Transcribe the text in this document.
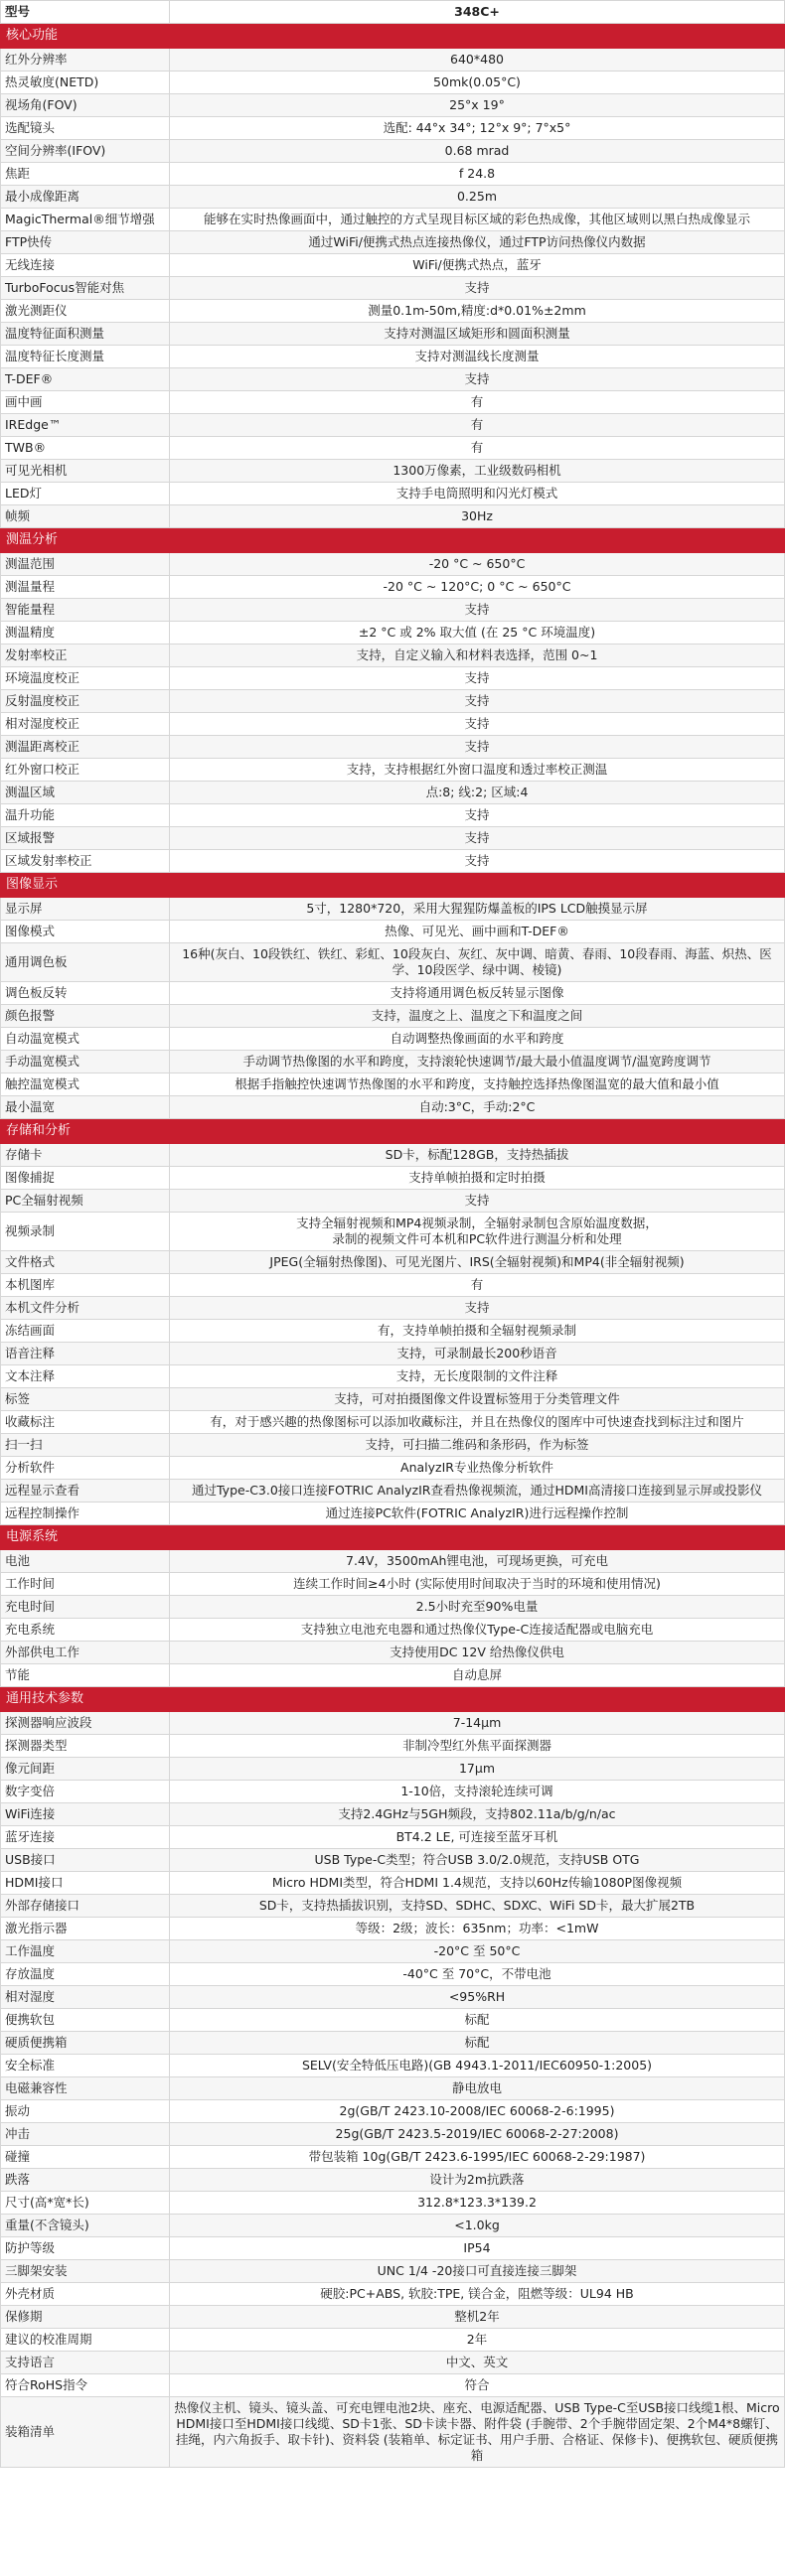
型号	348C+
核心功能	
红外分辨率	640*480
热灵敏度(NETD)	50mk(0.05°C)
视场角(FOV)	25°x 19°
选配镜头	选配: 44°x 34°; 12°x 9°; 7°x5°
空间分辨率(IFOV)	0.68 mrad
焦距	f 24.8
最小成像距离	0.25m
MagicThermal®细节增强	能够在实时热像画面中，通过触控的方式呈现目标区域的彩色热成像，其他区域则以黑白热成像显示
FTP快传	通过WiFi/便携式热点连接热像仪，通过FTP访问热像仪内数据
无线连接	WiFi/便携式热点，蓝牙
TurboFocus智能对焦	支持
激光测距仪	测量0.1m-50m,精度:d*0.01%±2mm
温度特征面积测量	支持对测温区域矩形和圆面积测量
温度特征长度测量	支持对测温线长度测量
T-DEF®	支持
画中画	有
IREdge™	有
TWB®	有
可见光相机	1300万像素，工业级数码相机
LED灯	支持手电筒照明和闪光灯模式
帧频	30Hz
测温分析	
测温范围	-20 °C ~ 650°C
测温量程	-20 °C ~ 120°C; 0 °C ~ 650°C
智能量程	支持
测温精度	±2 °C 或 2% 取大值 (在 25 °C 环境温度)
发射率校正	支持，自定义输入和材料表选择，范围 0~1
环境温度校正	支持
反射温度校正	支持
相对湿度校正	支持
测温距离校正	支持
红外窗口校正	支持，支持根据红外窗口温度和透过率校正测温
测温区域	点:8; 线:2; 区域:4
温升功能	支持
区域报警	支持
区域发射率校正	支持
图像显示	
显示屏	5寸，1280*720，采用大猩猩防爆盖板的IPS LCD触摸显示屏
图像模式	热像、可见光、画中画和T-DEF®
通用调色板	16种(灰白、10段铁红、铁红、彩虹、10段灰白、灰红、灰中调、暗黄、春雨、10段春雨、海蓝、炽热、医学、10段医学、绿中调、棱镜)
调色板反转	支持将通用调色板反转显示图像
颜色报警	支持，温度之上、温度之下和温度之间
自动温宽模式	自动调整热像画面的水平和跨度
手动温宽模式	手动调节热像图的水平和跨度，支持滚轮快速调节/最大最小值温度调节/温宽跨度调节
触控温宽模式	根据手指触控快速调节热像图的水平和跨度，支持触控选择热像图温宽的最大值和最小值
最小温宽	自动:3°C，手动:2°C
存储和分析	
存储卡	SD卡，标配128GB，支持热插拔
图像捕捉	支持单帧拍摄和定时拍摄
PC全辐射视频	支持
视频录制	支持全辐射视频和MP4视频录制，全辐射录制包含原始温度数据，
录制的视频文件可本机和PC软件进行测温分析和处理
文件格式	JPEG(全辐射热像图)、可见光图片、IRS(全辐射视频)和MP4(非全辐射视频)
本机图库	有
本机文件分析	支持
冻结画面	有，支持单帧拍摄和全辐射视频录制
语音注释	支持，可录制最长200秒语音
文本注释	支持，无长度限制的文件注释
标签	支持，可对拍摄图像文件设置标签用于分类管理文件
收藏标注	有，对于感兴趣的热像图标可以添加收藏标注，并且在热像仪的图库中可快速查找到标注过和图片
扫一扫	支持，可扫描二维码和条形码，作为标签
分析软件	AnalyzIR专业热像分析软件
远程显示查看	通过Type-C3.0接口连接FOTRIC AnalyzIR查看热像视频流，通过HDMI高清接口连接到显示屏或投影仪
远程控制操作	通过连接PC软件(FOTRIC AnalyzIR)进行远程操作控制
电源系统	
电池	7.4V，3500mAh锂电池，可现场更换，可充电
工作时间	连续工作时间≥4小时 (实际使用时间取决于当时的环境和使用情况)
充电时间	2.5小时充至90%电量
充电系统	支持独立电池充电器和通过热像仪Type-C连接适配器或电脑充电
外部供电工作	支持使用DC 12V 给热像仪供电
节能	自动息屏
通用技术参数	
探测器响应波段	7-14μm
探测器类型	非制冷型红外焦平面探测器
像元间距	17μm
数字变倍	1-10倍，支持滚轮连续可调
WiFi连接	支持2.4GHz与5GH频段，支持802.11a/b/g/n/ac
蓝牙连接	BT4.2 LE, 可连接至蓝牙耳机
USB接口	USB Type-C类型；符合USB 3.0/2.0规范，支持USB OTG
HDMI接口	Micro HDMI类型，符合HDMI 1.4规范，支持以60Hz传输1080P图像视频
外部存储接口	SD卡，支持热插拔识别，支持SD、SDHC、SDXC、WiFi SD卡，最大扩展2TB
激光指示器	等级：2级；波长：635nm；功率：<1mW
工作温度	-20°C 至 50°C
存放温度	-40°C 至 70°C，不带电池
相对湿度	<95%RH
便携软包	标配
硬质便携箱	标配
安全标准	SELV(安全特低压电路)(GB 4943.1-2011/IEC60950-1:2005)
电磁兼容性	静电放电
振动	2g(GB/T 2423.10-2008/IEC 60068-2-6:1995)
冲击	25g(GB/T 2423.5-2019/IEC 60068-2-27:2008)
碰撞	带包装箱 10g(GB/T 2423.6-1995/IEC 60068-2-29:1987)
跌落	设计为2m抗跌落
尺寸(高*宽*长)	312.8*123.3*139.2
重量(不含镜头)	<1.0kg
防护等级	IP54
三脚架安装	UNC 1/4 -20接口可直接连接三脚架
外壳材质	硬胶:PC+ABS, 软胶:TPE, 镁合金，阻燃等级：UL94 HB
保修期	整机2年
建议的校准周期	2年
支持语言	中文、英文
符合RoHS指令	符合
装箱清单	热像仪主机、镜头、镜头盖、可充电锂电池2块、座充、电源适配器、USB Type-C至USB接口线缆1根、Micro HDMI接口至HDMI接口线缆、SD卡1张、SD卡读卡器、附件袋 (手腕带、2个手腕带固定架、2个M4*8螺钉、挂绳，内六角扳手、取卡针)、资料袋 (装箱单、标定证书、用户手册、合格证、保修卡)、便携软包、硬质便携箱
